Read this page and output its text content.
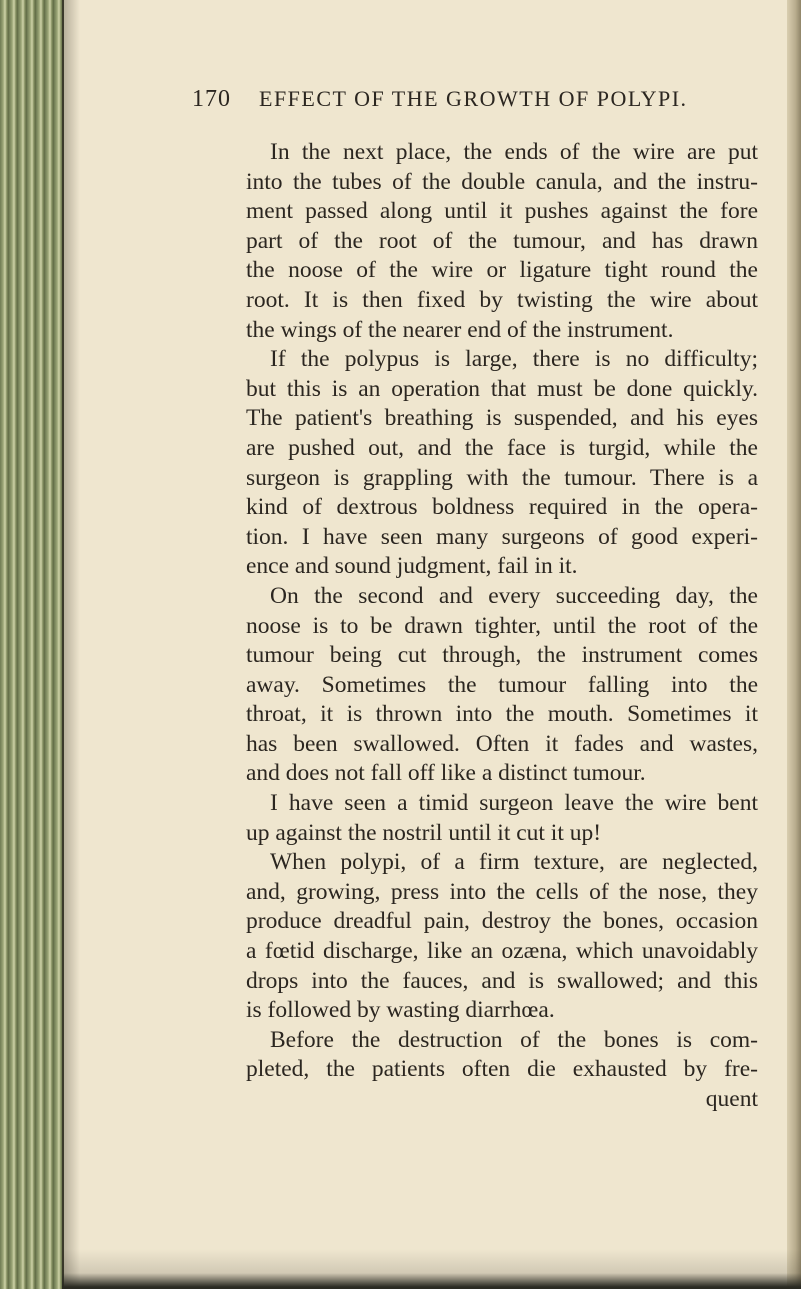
170 EFFECT OF THE GROWTH OF POLYPI.
In the next place, the ends of the wire are put
into the tubes of the double canula, and the instru-
ment passed along until it pushes against the fore
part of the root of the tumour, and has drawn
the noose of the wire or ligature tight round the
root. It is then fixed by twisting the wire about
the wings of the nearer end of the instrument.
If the polypus is large, there is no difficulty;
but this is an operation that must be done quickly.
The patient's breathing is suspended, and his eyes
are pushed out, and the face is turgid, while the
surgeon is grappling with the tumour. There is a
kind of dextrous boldness required in the opera-
tion. I have seen many surgeons of good experi-
ence and sound judgment, fail in it.
On the second and every succeeding day, the
noose is to be drawn tighter, until the root of the
tumour being cut through, the instrument comes
away. Sometimes the tumour falling into the
throat, it is thrown into the mouth. Sometimes it
has been swallowed. Often it fades and wastes,
and does not fall off like a distinct tumour.
I have seen a timid surgeon leave the wire bent
up against the nostril until it cut it up!
When polypi, of a firm texture, are neglected,
and, growing, press into the cells of the nose, they
produce dreadful pain, destroy the bones, occasion
a fœtid discharge, like an ozæna, which unavoidably
drops into the fauces, and is swallowed; and this
is followed by wasting diarrhœa.
Before the destruction of the bones is com-
pleted, the patients often die exhausted by fre-
quent
